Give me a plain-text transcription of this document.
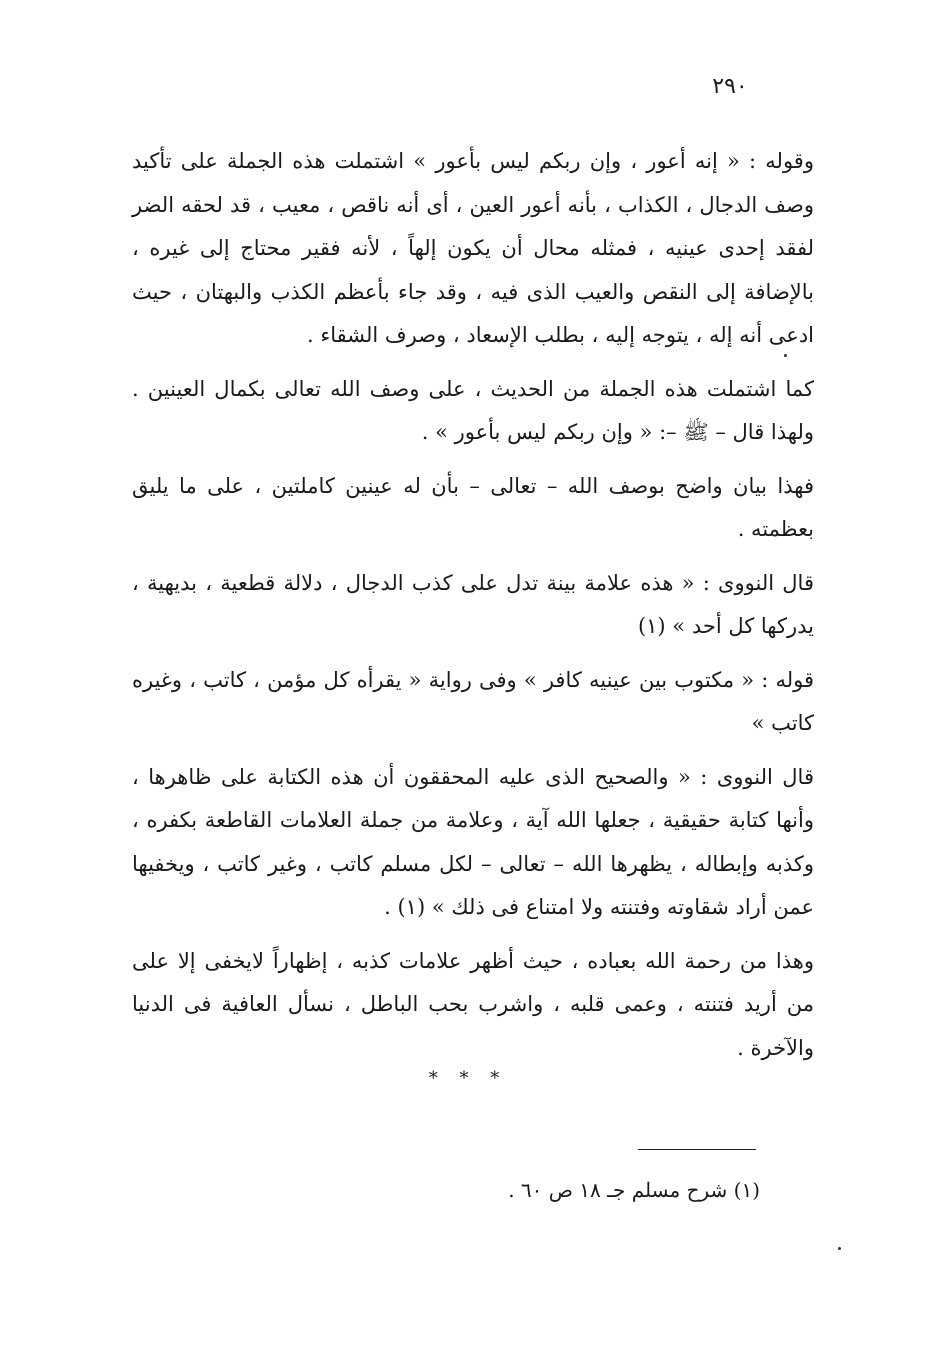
٢٩٠

وقوله : « إنه أعور ، وإن ربكم ليس بأعور » اشتملت هذه الجملة على تأكيد وصف الدجال ، الكذاب ، بأنه أعور العين ، أى أنه ناقص ، معيب ، قد لحقه الضر لفقد إحدى عينيه ، فمثله محال أن يكون إلهاً ، لأنه فقير محتاج إلى غيره ، بالإضافة إلى النقص والعيب الذى فيه ، وقد جاء بأعظم الكذب والبهتان ، حيث ادعى أنه إله ، يتوجه إليه ، بطلب الإسعاد ، وصرف الشقاء .

كما اشتملت هذه الجملة من الحديث ، على وصف الله تعالى بكمال العينين . ولهذا قال – ﷺ –: « وإن ربكم ليس بأعور » .

فهذا بيان واضح بوصف الله – تعالى – بأن له عينين كاملتين ، على ما يليق بعظمته .

قال النووى : « هذه علامة بينة تدل على كذب الدجال ، دلالة قطعية ، بديهية ، يدركها كل أحد » (١)

قوله : « مكتوب بين عينيه كافر » وفى رواية « يقرأه كل مؤمن ، كاتب ، وغيره كاتب »

قال النووى : « والصحيح الذى عليه المحققون أن هذه الكتابة على ظاهرها ، وأنها كتابة حقيقية ، جعلها الله آية ، وعلامة من جملة العلامات القاطعة بكفره ، وكذبه وإبطاله ، يظهرها الله – تعالى – لكل مسلم كاتب ، وغير كاتب ، ويخفيها عمن أراد شقاوته وفتنته ولا امتناع فى ذلك » (١) .

وهذا من رحمة الله بعباده ، حيث أظهر علامات كذبه ، إظهاراً لايخفى إلا على من أريد فتنته ، وعمى قلبه ، واشرب بحب الباطل ، نسأل العافية فى الدنيا والآخرة .

* * *
(١) شرح مسلم جـ ١٨ ص ٦٠ .
